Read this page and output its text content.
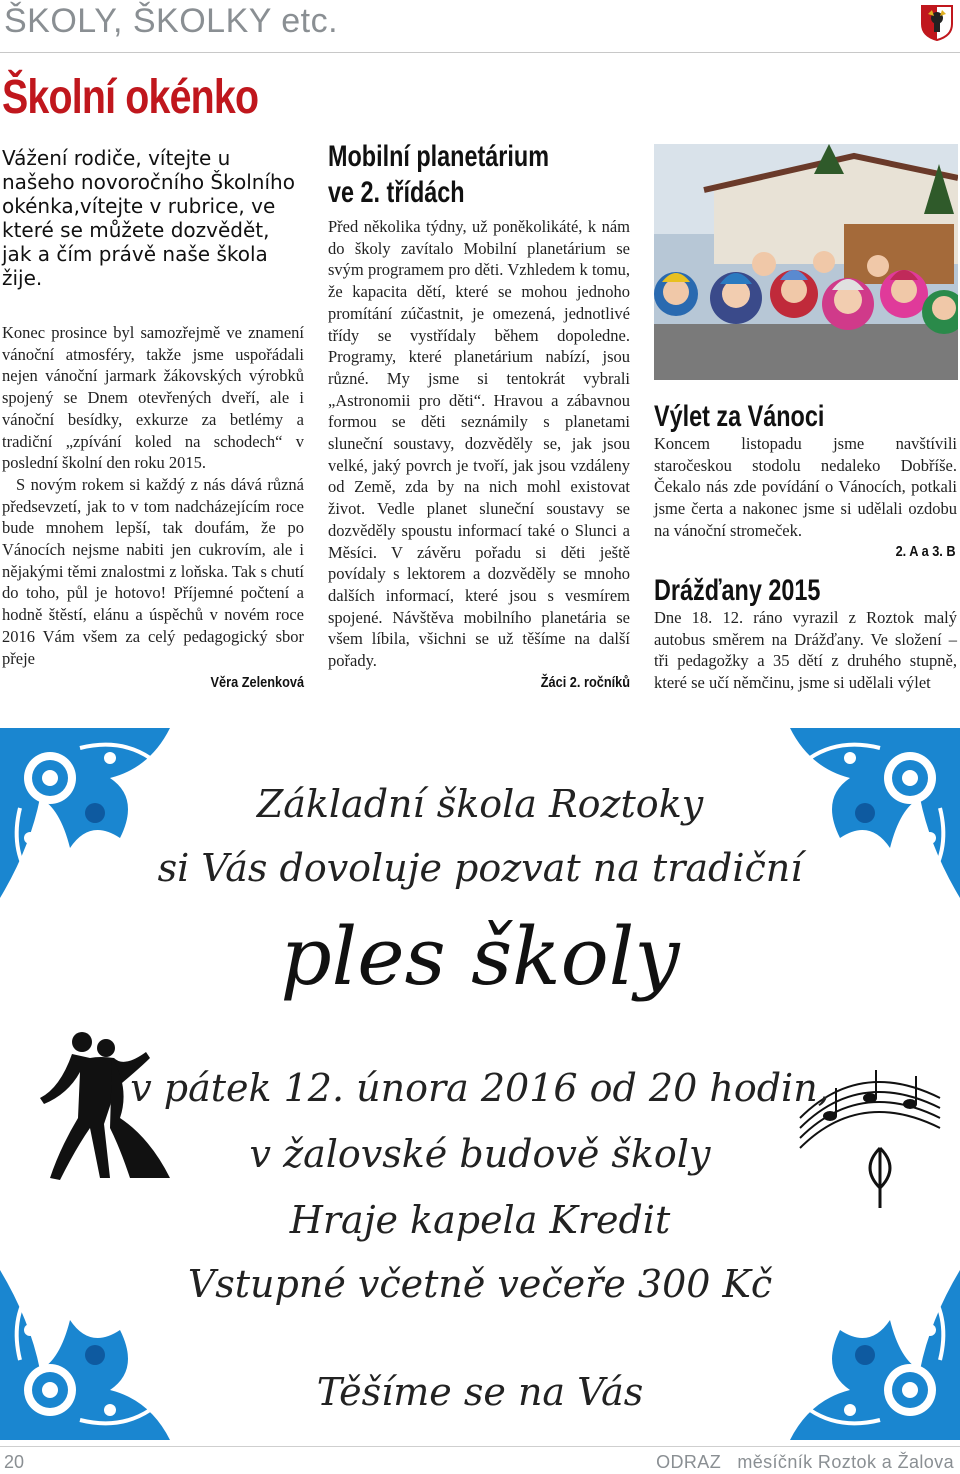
ŠKOLY, ŠKOLKY etc.
Školní okénko
Vážení rodiče, vítejte u našeho novoročního Školního okénka,vítejte v rubrice, ve které se můžete dozvědět, jak a čím právě naše škola žije.

Konec prosince byl samozřejmě ve znamení vánoční atmosféry, takže jsme uspořádali nejen vánoční jarmark žákovských výrobků spojený se Dnem otevřených dveří, ale i vánoční besídky, exkurze za betlémy a tradiční „zpívání koled na schodech“ v poslední školní den roku 2015.

S novým rokem si každý z nás dává různá předsevzetí, jak to v tom nadcházejícím roce bude mnohem lepší, tak doufám, že po Vánocích nejsme nabiti jen cukrovím, ale i nějakými těmi znalostmi z loňska. Tak s chutí do toho, půl je hotovo! Příjemné počtení a hodně štěstí, elánu a úspěchů v novém roce 2016 Vám všem za celý pedagogický sbor přeje

Věra Zelenková
Mobilní planetárium
ve 2. třídách

Před několika týdny, už poněkolikáté, k nám do školy zavítalo Mobilní planetárium se svým programem pro děti. Vzhledem k tomu, že kapacita dětí, které se mohou jednoho promítání zúčastnit, je omezená, jednotlivé třídy se vystřídaly během dopoledne. Programy, které planetárium nabízí, jsou různé. My jsme si tentokrát vybrali „Astronomii pro děti“. Hravou a zábavnou formou se děti seznámily s planetami sluneční soustavy, dozvěděly se, jak jsou velké, jaký povrch je tvoří, jak jsou vzdáleny od Země, zda by na nich mohl existovat život. Vedle planet sluneční soustavy se dozvěděly spoustu informací také o Slunci a Měsíci. V závěru pořadu si děti ještě povídaly s lektorem a dozvěděly se mnoho dalších informací, které jsou s vesmírem spojené. Návštěva mobilního planetária se všem líbila, všichni se už těšíme na další pořady.

Žáci 2. ročníků
Výlet za Vánoci

Koncem listopadu jsme navštívili staročeskou stodolu nedaleko Dobříše. Čekalo nás zde povídání o Vánocích, potkali jsme čerta a nakonec jsme si udělali ozdobu na vánoční stromeček.

2. A a 3. B
Drážďany 2015

Dne 18. 12. ráno vyrazil z Roztok malý autobus směrem na Drážďany. Ve složení – tři pedagožky a 35 dětí z druhého stupně, které se učí němčinu, jsme si udělali výlet

Základní škola Roztoky
si Vás dovoluje pozvat na tradiční
ples školy
v pátek 12. února 2016 od 20 hodin,
v žalovské budově školy
Hraje kapela Kredit
Vstupné včetně večeře 300 Kč
Těšíme se na Vás
20	ODRAZ měsíčník Roztok a Žalova
